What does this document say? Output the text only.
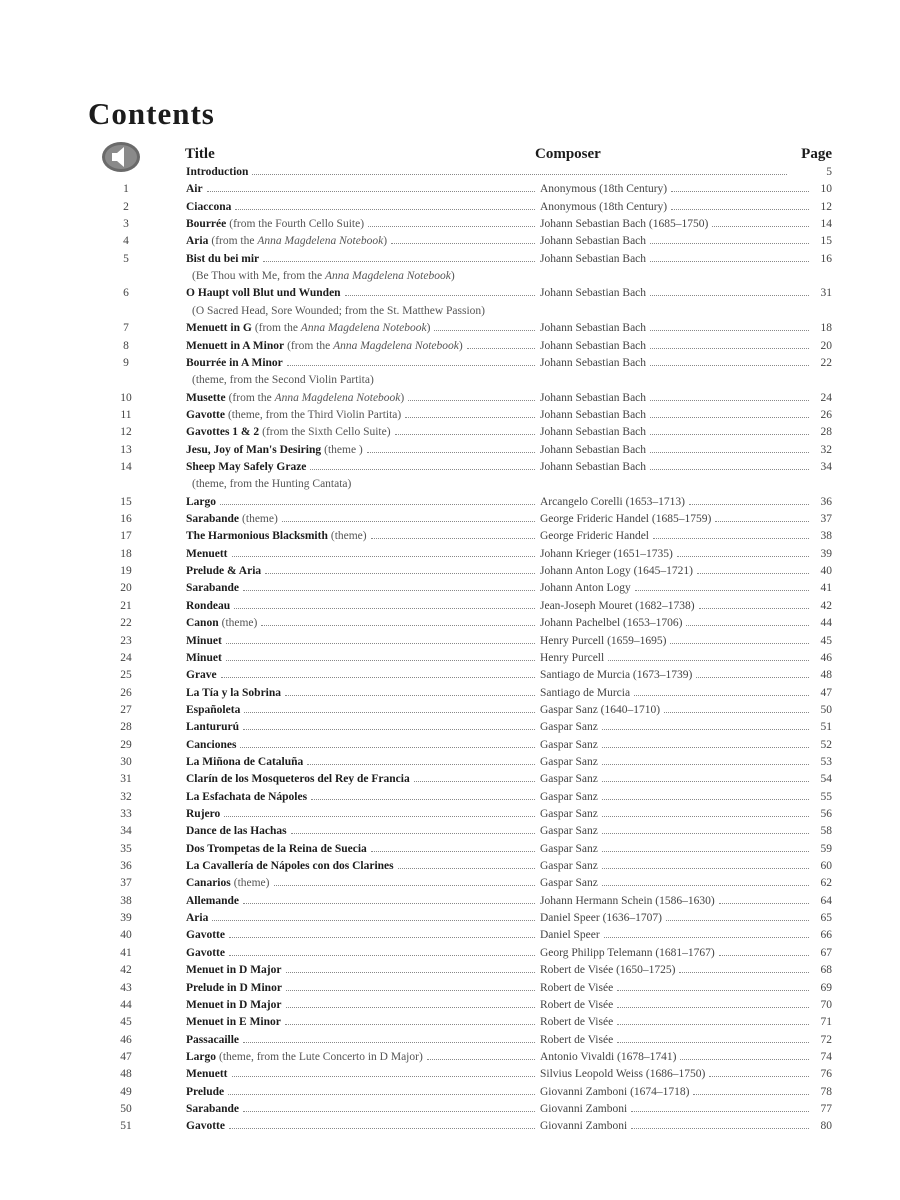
Contents
Title	Composer	Page
Introduction	5
1	Air	Anonymous (18th Century)	10
2	Ciaccona	Anonymous (18th Century)	12
3	Bourrée (from the Fourth Cello Suite)	Johann Sebastian Bach (1685–1750)	14
4	Aria (from the Anna Magdelena Notebook)	Johann Sebastian Bach	15
5	Bist du bei mir	Johann Sebastian Bach	16
(Be Thou with Me, from the Anna Magdelena Notebook)
6	O Haupt voll Blut und Wunden	Johann Sebastian Bach	31
(O Sacred Head, Sore Wounded; from the St. Matthew Passion)
7	Menuett in G (from the Anna Magdelena Notebook)	Johann Sebastian Bach	18
8	Menuett in A Minor (from the Anna Magdelena Notebook)	Johann Sebastian Bach	20
9	Bourrée in A Minor	Johann Sebastian Bach	22
(theme, from the Second Violin Partita)
10	Musette (from the Anna Magdelena Notebook)	Johann Sebastian Bach	24
11	Gavotte (theme, from the Third Violin Partita)	Johann Sebastian Bach	26
12	Gavottes 1 & 2 (from the Sixth Cello Suite)	Johann Sebastian Bach	28
13	Jesu, Joy of Man's Desiring (theme )	Johann Sebastian Bach	32
14	Sheep May Safely Graze	Johann Sebastian Bach	34
(theme, from the Hunting Cantata)
15	Largo	Arcangelo Corelli (1653–1713)	36
16	Sarabande (theme)	George Frideric Handel (1685–1759)	37
17	The Harmonious Blacksmith (theme)	George Frideric Handel	38
18	Menuett	Johann Krieger (1651–1735)	39
19	Prelude & Aria	Johann Anton Logy (1645–1721)	40
20	Sarabande	Johann Anton Logy	41
21	Rondeau	Jean-Joseph Mouret (1682–1738)	42
22	Canon (theme)	Johann Pachelbel (1653–1706)	44
23	Minuet	Henry Purcell (1659–1695)	45
24	Minuet	Henry Purcell	46
25	Grave	Santiago de Murcia (1673–1739)	48
26	La Tía y la Sobrina	Santiago de Murcia	47
27	Españoleta	Gaspar Sanz (1640–1710)	50
28	Lantururú	Gaspar Sanz	51
29	Canciones	Gaspar Sanz	52
30	La Miñona de Cataluña	Gaspar Sanz	53
31	Clarín de los Mosqueteros del Rey de Francia	Gaspar Sanz	54
32	La Esfachata de Nápoles	Gaspar Sanz	55
33	Rujero	Gaspar Sanz	56
34	Dance de las Hachas	Gaspar Sanz	58
35	Dos Trompetas de la Reina de Suecia	Gaspar Sanz	59
36	La Cavallería de Nápoles con dos Clarines	Gaspar Sanz	60
37	Canarios (theme)	Gaspar Sanz	62
38	Allemande	Johann Hermann Schein (1586–1630)	64
39	Aria	Daniel Speer (1636–1707)	65
40	Gavotte	Daniel Speer	66
41	Gavotte	Georg Philipp Telemann (1681–1767)	67
42	Menuet in D Major	Robert de Visée (1650–1725)	68
43	Prelude in D Minor	Robert de Visée	69
44	Menuet in D Major	Robert de Visée	70
45	Menuet in E Minor	Robert de Visée	71
46	Passacaille	Robert de Visée	72
47	Largo (theme, from the Lute Concerto in D Major)	Antonio Vivaldi (1678–1741)	74
48	Menuett	Silvius Leopold Weiss (1686–1750)	76
49	Prelude	Giovanni Zamboni (1674–1718)	78
50	Sarabande	Giovanni Zamboni	77
51	Gavotte	Giovanni Zamboni	80
